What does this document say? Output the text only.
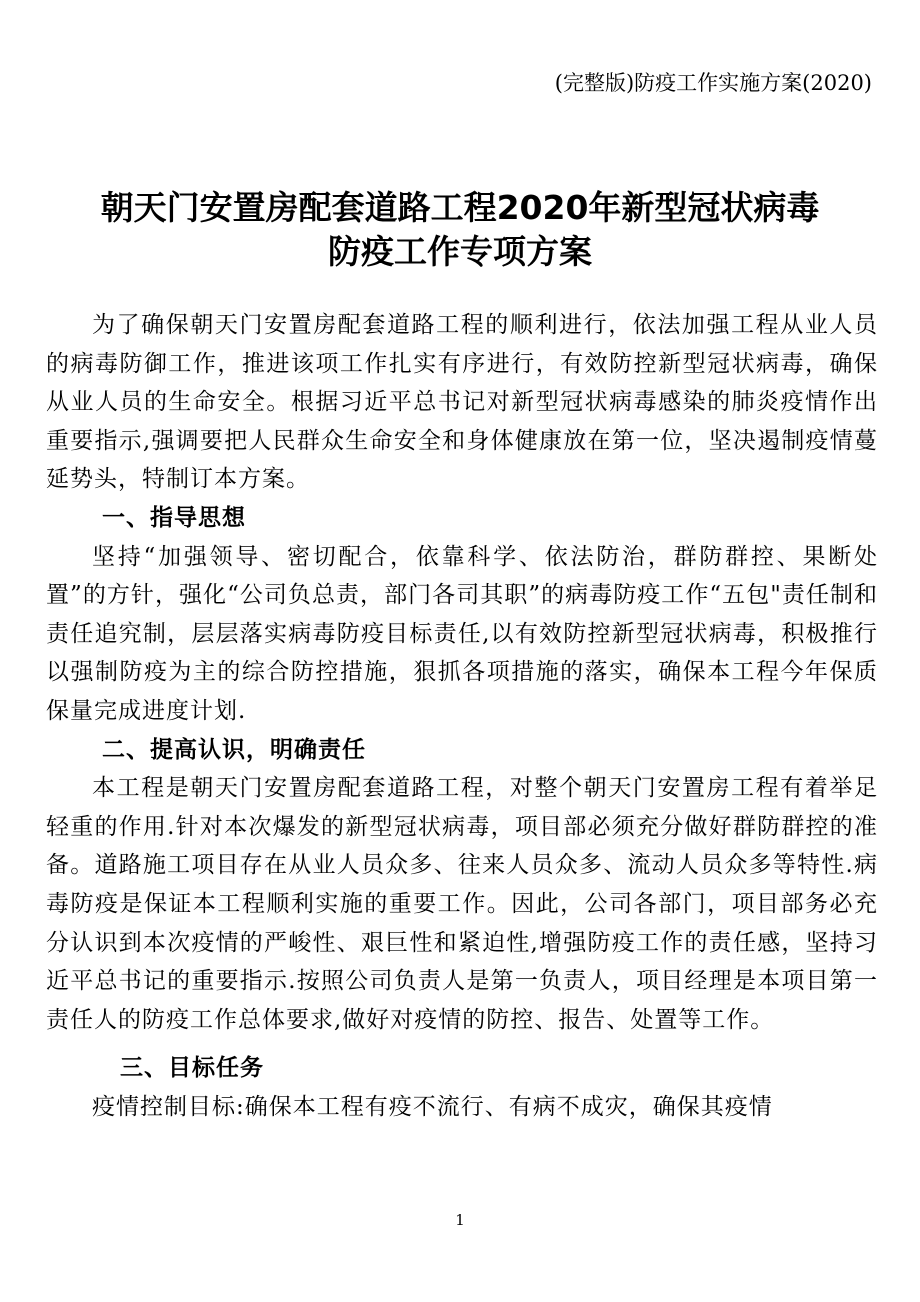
(完整版)防疫工作实施方案(2020)
朝天门安置房配套道路工程2020年新型冠状病毒
防疫工作专项方案

为了确保朝天门安置房配套道路工程的顺利进行，依法加强工程从业人员的病毒防御工作，推进该项工作扎实有序进行，有效防控新型冠状病毒，确保从业人员的生命安全。根据习近平总书记对新型冠状病毒感染的肺炎疫情作出重要指示,强调要把人民群众生命安全和身体健康放在第一位，坚决遏制疫情蔓延势头，特制订本方案。

一、指导思想

坚持“加强领导、密切配合，依靠科学、依法防治，群防群控、果断处置”的方针，强化“公司负总责，部门各司其职”的病毒防疫工作“五包"责任制和责任追究制，层层落实病毒防疫目标责任,以有效防控新型冠状病毒，积极推行以强制防疫为主的综合防控措施，狠抓各项措施的落实，确保本工程今年保质保量完成进度计划.

二、提高认识，明确责任

本工程是朝天门安置房配套道路工程，对整个朝天门安置房工程有着举足轻重的作用.针对本次爆发的新型冠状病毒，项目部必须充分做好群防群控的准备。道路施工项目存在从业人员众多、往来人员众多、流动人员众多等特性.病毒防疫是保证本工程顺利实施的重要工作。因此，公司各部门，项目部务必充分认识到本次疫情的严峻性、艰巨性和紧迫性,增强防疫工作的责任感，坚持习近平总书记的重要指示.按照公司负责人是第一负责人，项目经理是本项目第一责任人的防疫工作总体要求,做好对疫情的防控、报告、处置等工作。

三、目标任务

疫情控制目标:确保本工程有疫不流行、有病不成灾，确保其疫情

1
